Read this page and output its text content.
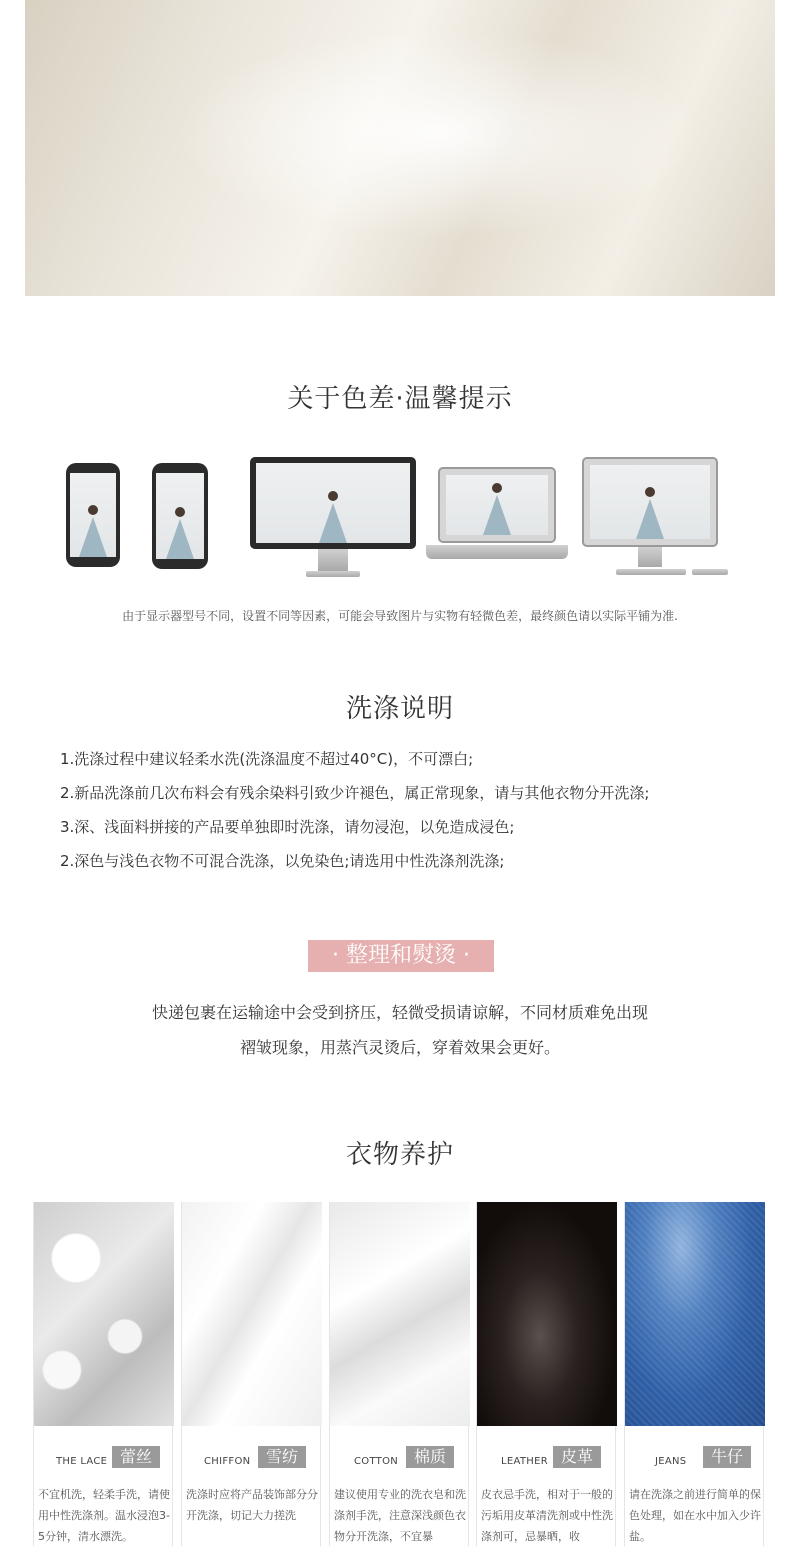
关于色差·温馨提示
由于显示器型号不同，设置不同等因素，可能会导致图片与实物有轻微色差，最终颜色请以实际平铺为准.
洗涤说明
1.洗涤过程中建议轻柔水洗(洗涤温度不超过40°C)，不可漂白;
2.新品洗涤前几次布料会有残余染料引致少许褪色，属正常现象，请与其他衣物分开洗涤;
3.深、浅面料拼接的产品要单独即时洗涤，请勿浸泡，以免造成浸色;
2.深色与浅色衣物不可混合洗涤，以免染色;请选用中性洗涤剂洗涤;
· 整理和熨烫 ·
快递包裹在运输途中会受到挤压，轻微受损请谅解，不同材质难免出现
褶皱现象，用蒸汽灵烫后，穿着效果会更好。
衣物养护
THE LACE 蕾丝
不宜机洗，轻柔手洗，请使用中性洗涤剂。温水浸泡3-5分钟，清水漂洗。
CHIFFON 雪纺
洗涤时应将产品装饰部分分开洗涤，切记大力搓洗
COTTON 棉质
建议使用专业的洗衣皂和洗涤剂手洗，注意深浅颜色衣物分开洗涤，不宜暴
LEATHER 皮革
皮衣忌手洗，相对于一般的污垢用皮革清洗剂或中性洗涤剂可，忌暴晒，收
JEANS	牛仔
请在洗涤之前进行简单的保色处理，如在水中加入少许盐。
